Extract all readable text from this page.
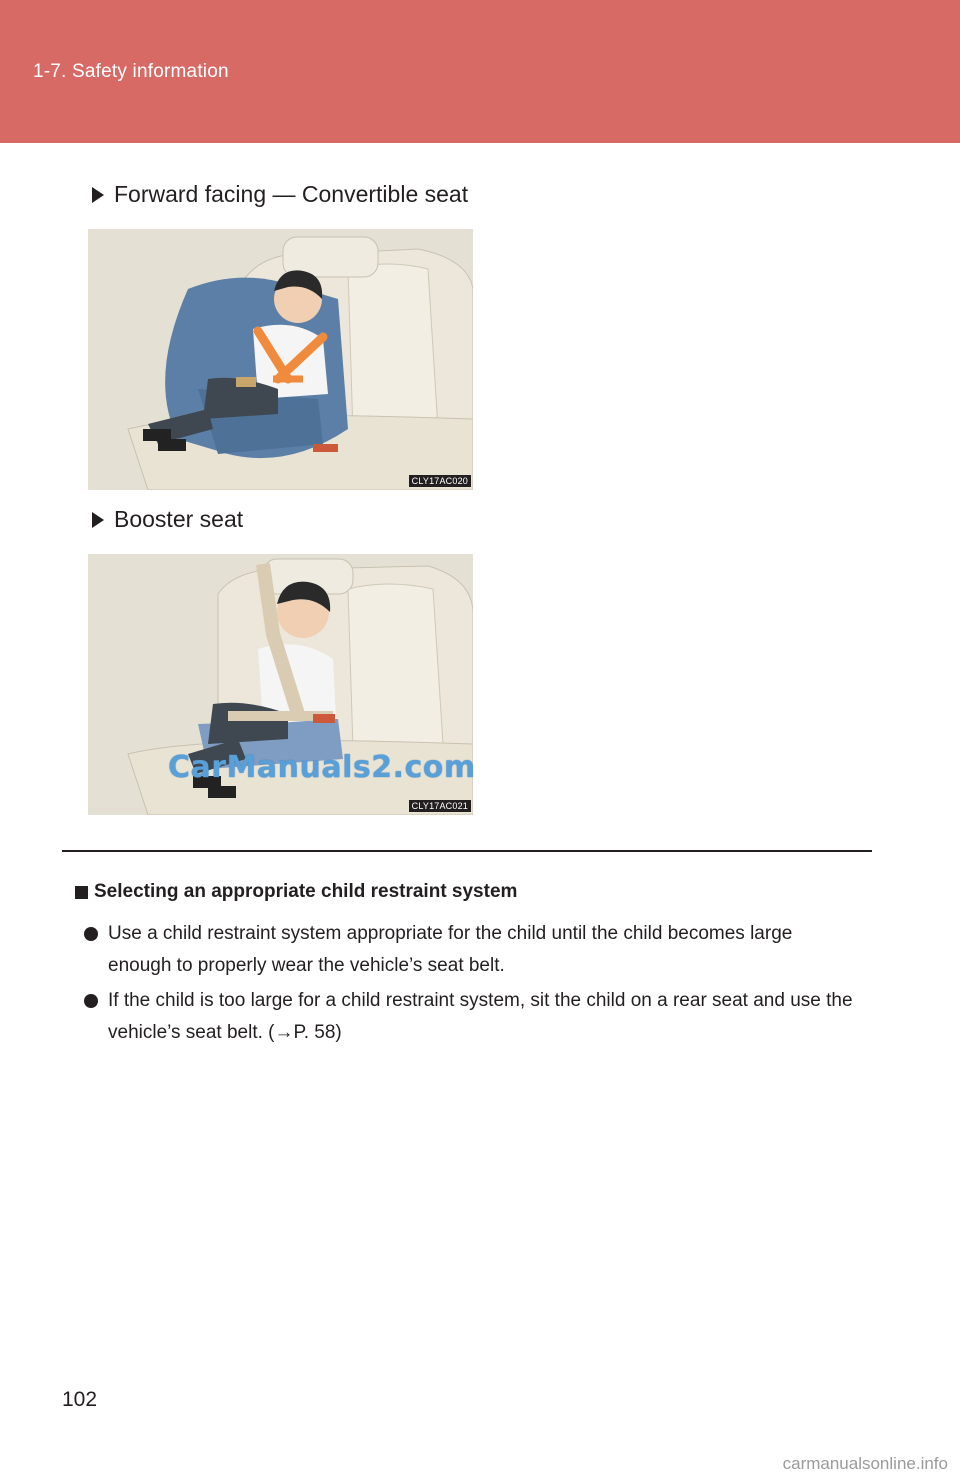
1-7. Safety information
Forward facing — Convertible seat
CLY17AC020
Booster seat
CLY17AC021
CarManuals2.com
Selecting an appropriate child restraint system
Use a child restraint system appropriate for the child until the child becomes large enough to properly wear the vehicle’s seat belt.
If the child is too large for a child restraint system, sit the child on a rear seat and use the vehicle’s seat belt. (→P. 58)
102
carmanualsonline.info
